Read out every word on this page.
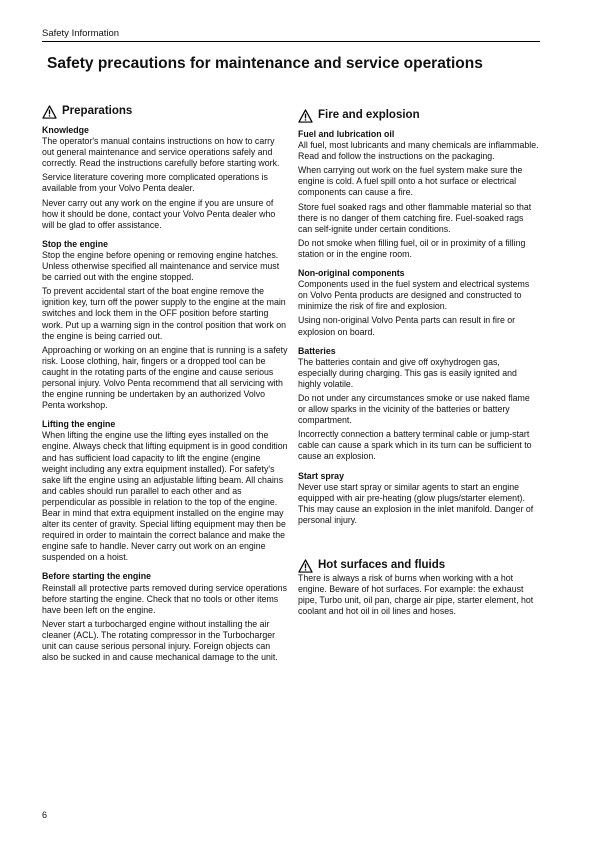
Safety Information
Safety precautions for maintenance and service operations
Preparations

Knowledge

The operator's manual contains instructions on how to carry out general maintenance and service operations safely and correctly. Read the instructions carefully before starting work.

Service literature covering more complicated operations is available from your Volvo Penta dealer.

Never carry out any work on the engine if you are unsure of how it should be done, contact your Volvo Penta dealer who will be glad to offer assistance.

Stop the engine

Stop the engine before opening or removing engine hatches. Unless otherwise specified all maintenance and service must be carried out with the engine stopped.

To prevent accidental start of the boat engine remove the ignition key, turn off the power supply to the engine at the main switches and lock them in the OFF position before starting work. Put up a warning sign in the control position that work on the engine is being carried out.

Approaching or working on an engine that is running is a safety risk. Loose clothing, hair, fingers or a dropped tool can be caught in the rotating parts of the engine and cause serious personal injury. Volvo Penta recommend that all servicing with the engine running be undertaken by an authorized Volvo Penta workshop.

Lifting the engine

When lifting the engine use the lifting eyes installed on the engine. Always check that lifting equipment is in good condition and has sufficient load capacity to lift the engine (engine weight including any extra equipment installed). For safety's sake lift the engine using an adjustable lifting beam. All chains and cables should run parallel to each other and as perpendicular as possible in relation to the top of the engine. Bear in mind that extra equipment installed on the engine may alter its center of gravity. Special lifting equipment may then be required in order to maintain the correct balance and make the engine safe to handle. Never carry out work on an engine suspended on a hoist.

Before starting the engine

Reinstall all protective parts removed during service operations before starting the engine. Check that no tools or other items have been left on the engine.

Never start a turbocharged engine without installing the air cleaner (ACL). The rotating compressor in the Turbocharger unit can cause serious personal injury. Foreign objects can also be sucked in and cause mechanical damage to the unit.

Fire and explosion

Fuel and lubrication oil

All fuel, most lubricants and many chemicals are inflammable. Read and follow the instructions on the packaging.

When carrying out work on the fuel system make sure the engine is cold. A fuel spill onto a hot surface or electrical components can cause a fire.

Store fuel soaked rags and other flammable material so that there is no danger of them catching fire. Fuel-soaked rags can self-ignite under certain conditions.

Do not smoke when filling fuel, oil or in proximity of a filling station or in the engine room.

Non-original components

Components used in the fuel system and electrical systems on Volvo Penta products are designed and constructed to minimize the risk of fire and explosion.

Using non-original Volvo Penta parts can result in fire or explosion on board.

Batteries

The batteries contain and give off oxyhydrogen gas, especially during charging. This gas is easily ignited and highly volatile.

Do not under any circumstances smoke or use naked flame or allow sparks in the vicinity of the batteries or battery compartment.

Incorrectly connection a battery terminal cable or jump-start cable can cause a spark which in its turn can be sufficient to cause an explosion.

Start spray

Never use start spray or similar agents to start an engine equipped with air pre-heating (glow plugs/starter element). This may cause an explosion in the inlet manifold. Danger of personal injury.

Hot surfaces and fluids

There is always a risk of burns when working with a hot engine. Beware of hot surfaces. For example: the exhaust pipe, Turbo unit, oil pan, charge air pipe, starter element, hot coolant and hot oil in oil lines and hoses.

6
